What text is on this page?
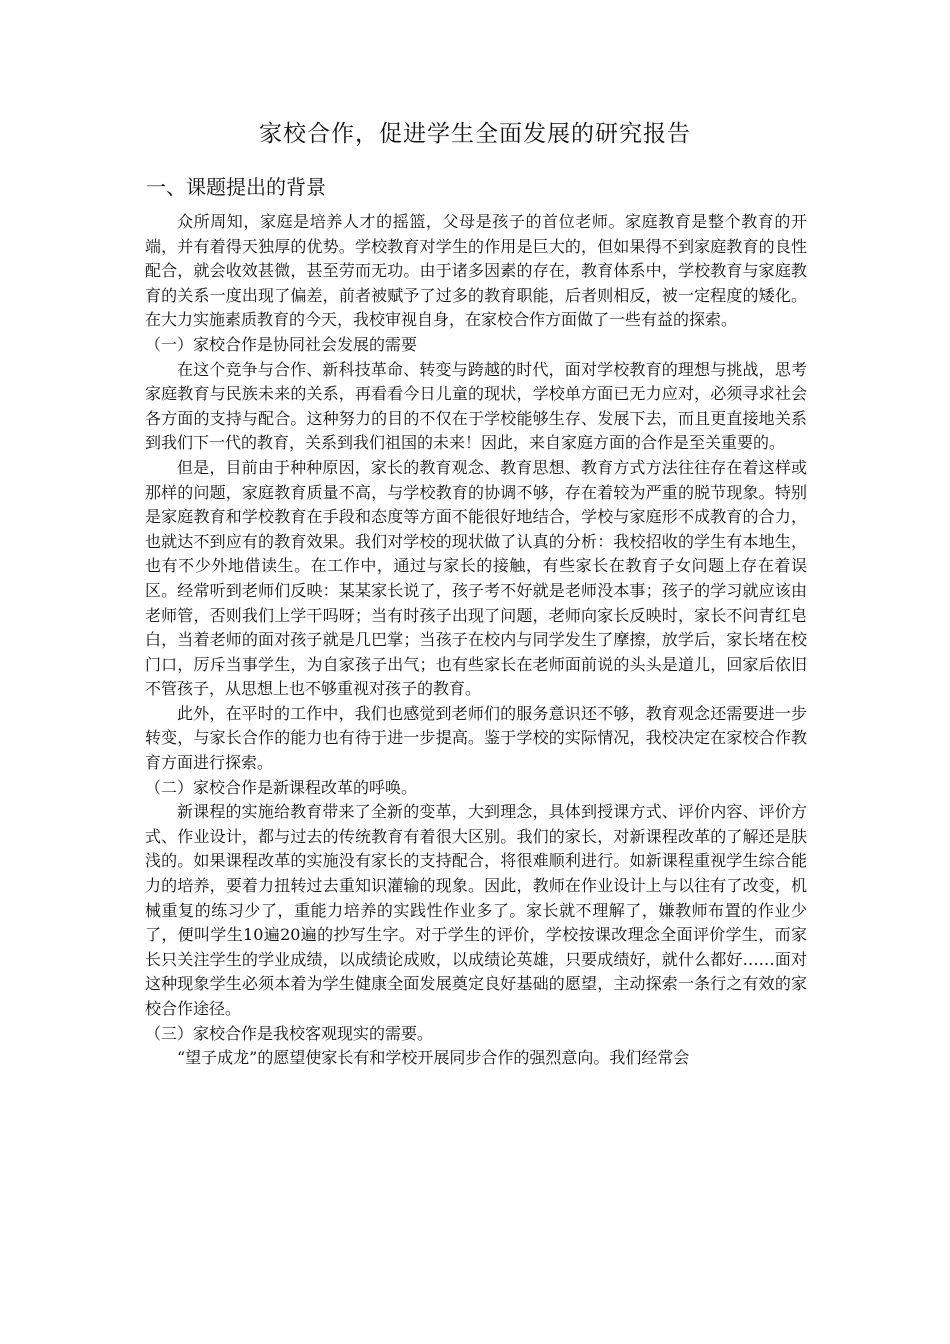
家校合作，促进学生全面发展的研究报告
一、课题提出的背景

众所周知，家庭是培养人才的摇篮，父母是孩子的首位老师。家庭教育是整个教育的开端，并有着得天独厚的优势。学校教育对学生的作用是巨大的，但如果得不到家庭教育的良性配合，就会收效甚微，甚至劳而无功。由于诸多因素的存在，教育体系中，学校教育与家庭教育的关系一度出现了偏差，前者被赋予了过多的教育职能，后者则相反，被一定程度的矮化。在大力实施素质教育的今天，我校审视自身，在家校合作方面做了一些有益的探索。

（一）家校合作是协同社会发展的需要

在这个竞争与合作、新科技革命、转变与跨越的时代，面对学校教育的理想与挑战，思考家庭教育与民族未来的关系，再看看今日儿童的现状，学校单方面已无力应对，必须寻求社会各方面的支持与配合。这种努力的目的不仅在于学校能够生存、发展下去，而且更直接地关系到我们下一代的教育，关系到我们祖国的未来！因此，来自家庭方面的合作是至关重要的。

但是，目前由于种种原因，家长的教育观念、教育思想、教育方式方法往往存在着这样或那样的问题，家庭教育质量不高，与学校教育的协调不够，存在着较为严重的脱节现象。特别是家庭教育和学校教育在手段和态度等方面不能很好地结合，学校与家庭形不成教育的合力，也就达不到应有的教育效果。我们对学校的现状做了认真的分析：我校招收的学生有本地生，也有不少外地借读生。在工作中，通过与家长的接触，有些家长在教育子女问题上存在着误区。经常听到老师们反映：某某家长说了，孩子考不好就是老师没本事；孩子的学习就应该由老师管，否则我们上学干吗呀；当有时孩子出现了问题，老师向家长反映时，家长不问青红皂白，当着老师的面对孩子就是几巴掌；当孩子在校内与同学发生了摩擦，放学后，家长堵在校门口，厉斥当事学生，为自家孩子出气；也有些家长在老师面前说的头头是道儿，回家后依旧不管孩子，从思想上也不够重视对孩子的教育。

此外，在平时的工作中，我们也感觉到老师们的服务意识还不够，教育观念还需要进一步转变，与家长合作的能力也有待于进一步提高。鉴于学校的实际情况，我校决定在家校合作教育方面进行探索。

（二）家校合作是新课程改革的呼唤。

新课程的实施给教育带来了全新的变革，大到理念，具体到授课方式、评价内容、评价方式、作业设计，都与过去的传统教育有着很大区别。我们的家长，对新课程改革的了解还是肤浅的。如果课程改革的实施没有家长的支持配合，将很难顺利进行。如新课程重视学生综合能力的培养，要着力扭转过去重知识灌输的现象。因此，教师在作业设计上与以往有了改变，机械重复的练习少了，重能力培养的实践性作业多了。家长就不理解了，嫌教师布置的作业少了，便叫学生10遍20遍的抄写生字。对于学生的评价，学校按课改理念全面评价学生，而家长只关注学生的学业成绩，以成绩论成败，以成绩论英雄，只要成绩好，就什么都好……面对这种现象学生必须本着为学生健康全面发展奠定良好基础的愿望，主动探索一条行之有效的家校合作途径。

（三）家校合作是我校客观现实的需要。

“望子成龙”的愿望使家长有和学校开展同步合作的强烈意向。我们经常会
